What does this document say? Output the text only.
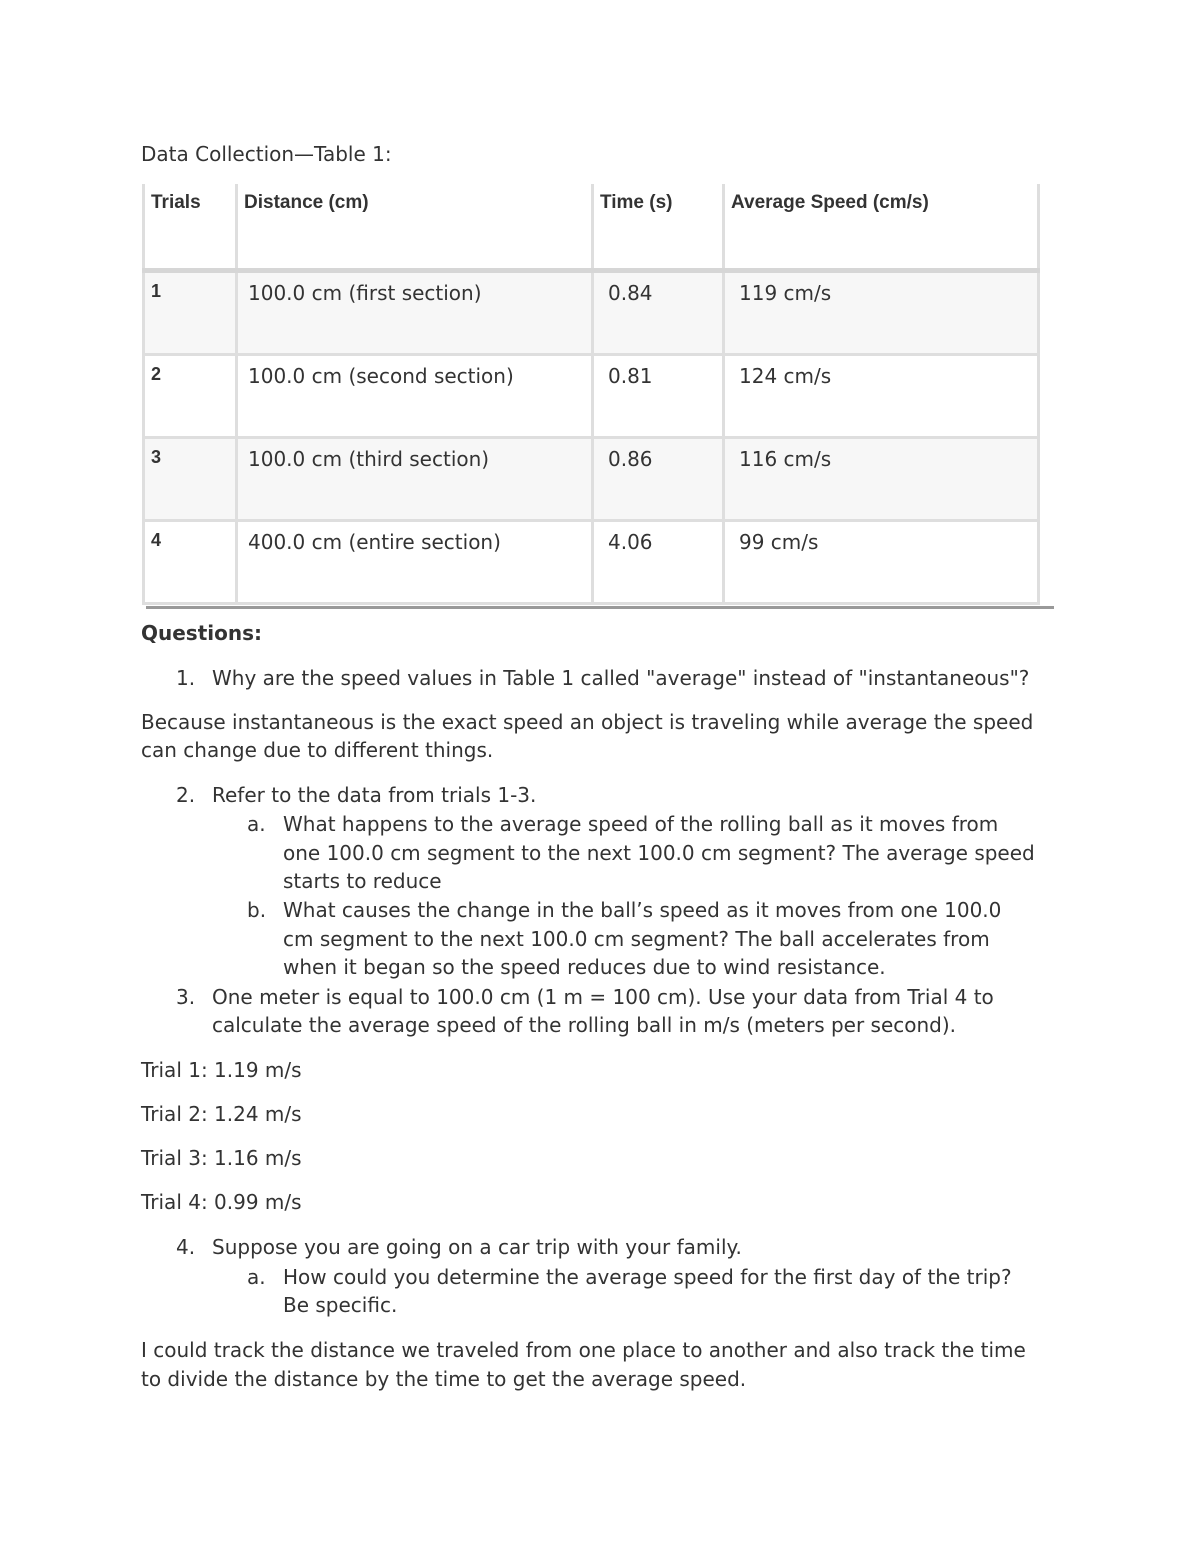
Data Collection—Table 1:
Trials	Distance (cm)	Time (s)	Average Speed (cm/s)
1	100.0 cm (first section)	0.84	119 cm/s
2	100.0 cm (second section)	0.81	124 cm/s
3	100.0 cm (third section)	0.86	116 cm/s
4	400.0 cm (entire section)	4.06	99 cm/s
Questions:
1. Why are the speed values in Table 1 called "average" instead of "instantaneous"?
Because instantaneous is the exact speed an object is traveling while average the speed
can change due to different things.
2. Refer to the data from trials 1-3.
a. What happens to the average speed of the rolling ball as it moves from
one 100.0 cm segment to the next 100.0 cm segment? The average speed
starts to reduce
b. What causes the change in the ball’s speed as it moves from one 100.0
cm segment to the next 100.0 cm segment? The ball accelerates from
when it began so the speed reduces due to wind resistance.
3. One meter is equal to 100.0 cm (1 m = 100 cm). Use your data from Trial 4 to
calculate the average speed of the rolling ball in m/s (meters per second).
Trial 1: 1.19 m/s
Trial 2: 1.24 m/s
Trial 3: 1.16 m/s
Trial 4: 0.99 m/s
4. Suppose you are going on a car trip with your family.
a. How could you determine the average speed for the first day of the trip?
Be specific.
I could track the distance we traveled from one place to another and also track the time
to divide the distance by the time to get the average speed.
